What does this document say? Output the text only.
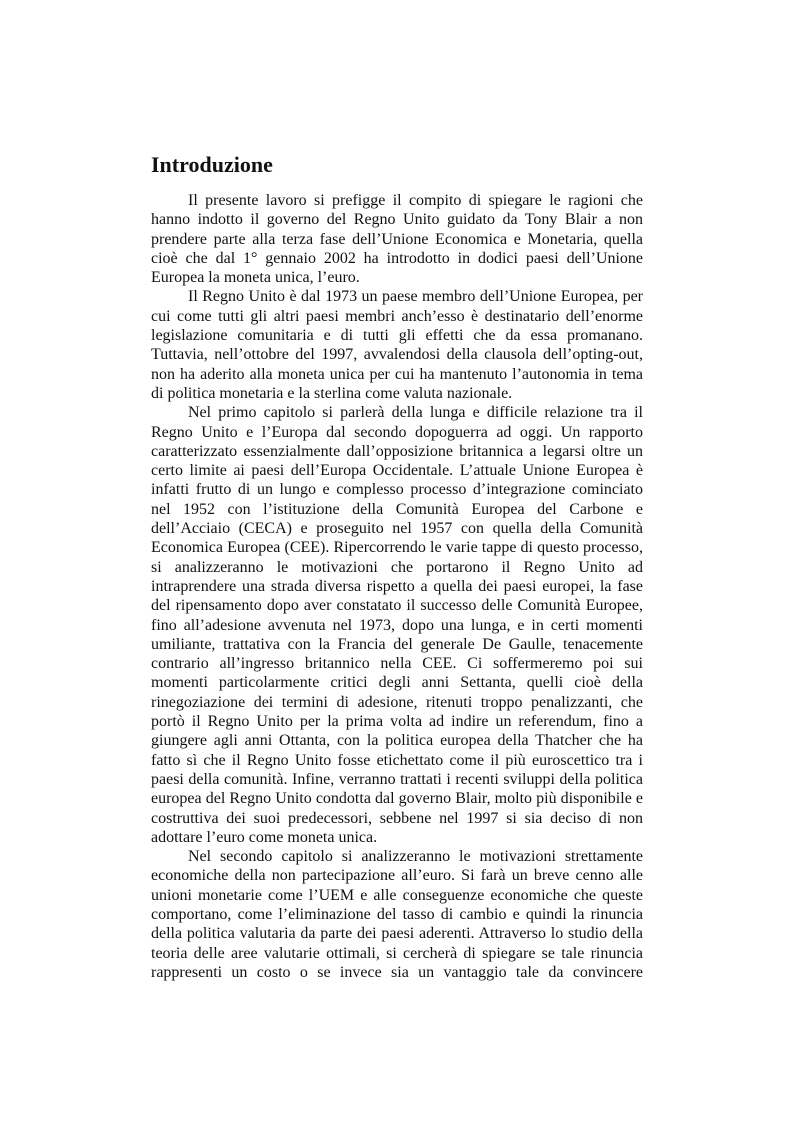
Introduzione

Il presente lavoro si prefigge il compito di spiegare le ragioni che hanno indotto il governo del Regno Unito guidato da Tony Blair a non prendere parte alla terza fase dell’Unione Economica e Monetaria, quella cioè che dal 1° gennaio 2002 ha introdotto in dodici paesi dell’Unione Europea la moneta unica, l’euro.

Il Regno Unito è dal 1973 un paese membro dell’Unione Europea, per cui come tutti gli altri paesi membri anch’esso è destinatario dell’enorme legislazione comunitaria e di tutti gli effetti che da essa promanano. Tuttavia, nell’ottobre del 1997, avvalendosi della clausola dell’opting-out, non ha aderito alla moneta unica per cui ha mantenuto l’autonomia in tema di politica monetaria e la sterlina come valuta nazionale.

Nel primo capitolo si parlerà della lunga e difficile relazione tra il Regno Unito e l’Europa dal secondo dopoguerra ad oggi. Un rapporto caratterizzato essenzialmente dall’opposizione britannica a legarsi oltre un certo limite ai paesi dell’Europa Occidentale. L’attuale Unione Europea è infatti frutto di un lungo e complesso processo d’integrazione cominciato nel 1952 con l’istituzione della Comunità Europea del Carbone e dell’Acciaio (CECA) e proseguito nel 1957 con quella della Comunità Economica Europea (CEE). Ripercorrendo le varie tappe di questo processo, si analizzeranno le motivazioni che portarono il Regno Unito ad intraprendere una strada diversa rispetto a quella dei paesi europei, la fase del ripensamento dopo aver constatato il successo delle Comunità Europee, fino all’adesione avvenuta nel 1973, dopo una lunga, e in certi momenti umiliante, trattativa con la Francia del generale De Gaulle, tenacemente contrario all’ingresso britannico nella CEE. Ci soffermeremo poi sui momenti particolarmente critici degli anni Settanta, quelli cioè della rinegoziazione dei termini di adesione, ritenuti troppo penalizzanti, che portò il Regno Unito per la prima volta ad indire un referendum, fino a giungere agli anni Ottanta, con la politica europea della Thatcher che ha fatto sì che il Regno Unito fosse etichettato come il più euroscettico tra i paesi della comunità. Infine, verranno trattati i recenti sviluppi della politica europea del Regno Unito condotta dal governo Blair, molto più disponibile e costruttiva dei suoi predecessori, sebbene nel 1997 si sia deciso di non adottare l’euro come moneta unica.

Nel secondo capitolo si analizzeranno le motivazioni strettamente economiche della non partecipazione all’euro. Si farà un breve cenno alle unioni monetarie come l’UEM e alle conseguenze economiche che queste comportano, come l’eliminazione del tasso di cambio e quindi la rinuncia della politica valutaria da parte dei paesi aderenti. Attraverso lo studio della teoria delle aree valutarie ottimali, si cercherà di spiegare se tale rinuncia rappresenti un costo o se invece sia un vantaggio tale da convincere
